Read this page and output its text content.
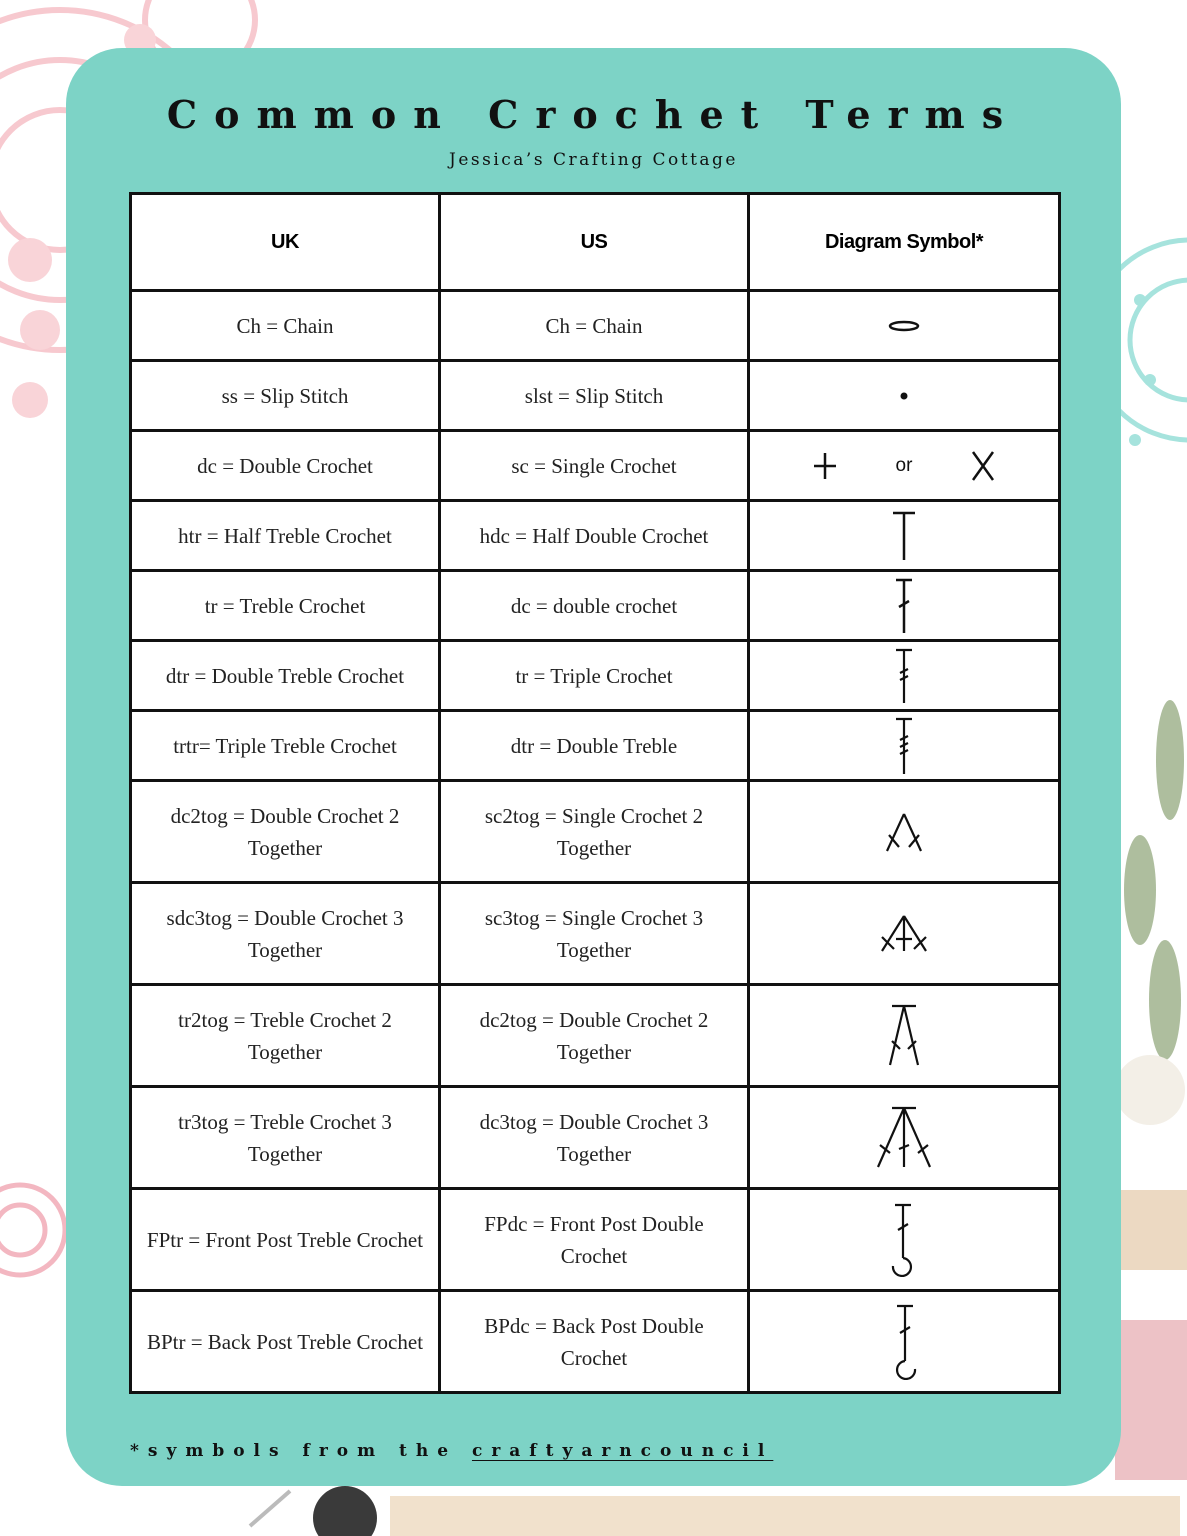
Common Crochet Terms
Jessica’s Crafting Cottage
UK	US	Diagram Symbol*
Ch = Chain	Ch = Chain	

ss = Slip Stitch	slst = Slip Stitch	

dc = Double Crochet	sc = Single Crochet	or

htr = Half Treble Crochet	hdc = Half Double Crochet	

tr = Treble Crochet	dc = double crochet	

dtr = Double Treble Crochet	tr = Triple Crochet	

trtr= Triple Treble Crochet	dtr = Double Treble	

dc2tog = Double Crochet 2 Together	sc2tog = Single Crochet 2 Together	

sdc3tog = Double Crochet 3 Together	sc3tog = Single Crochet 3 Together	

tr2tog = Treble Crochet 2 Together	dc2tog = Double Crochet 2 Together	

tr3tog = Treble Crochet 3 Together	dc3tog = Double Crochet 3 Together	

FPtr = Front Post Treble Crochet	FPdc = Front Post Double Crochet	

BPtr = Back Post Treble Crochet	BPdc = Back Post Double Crochet	
*symbols from the craftyarncouncil
